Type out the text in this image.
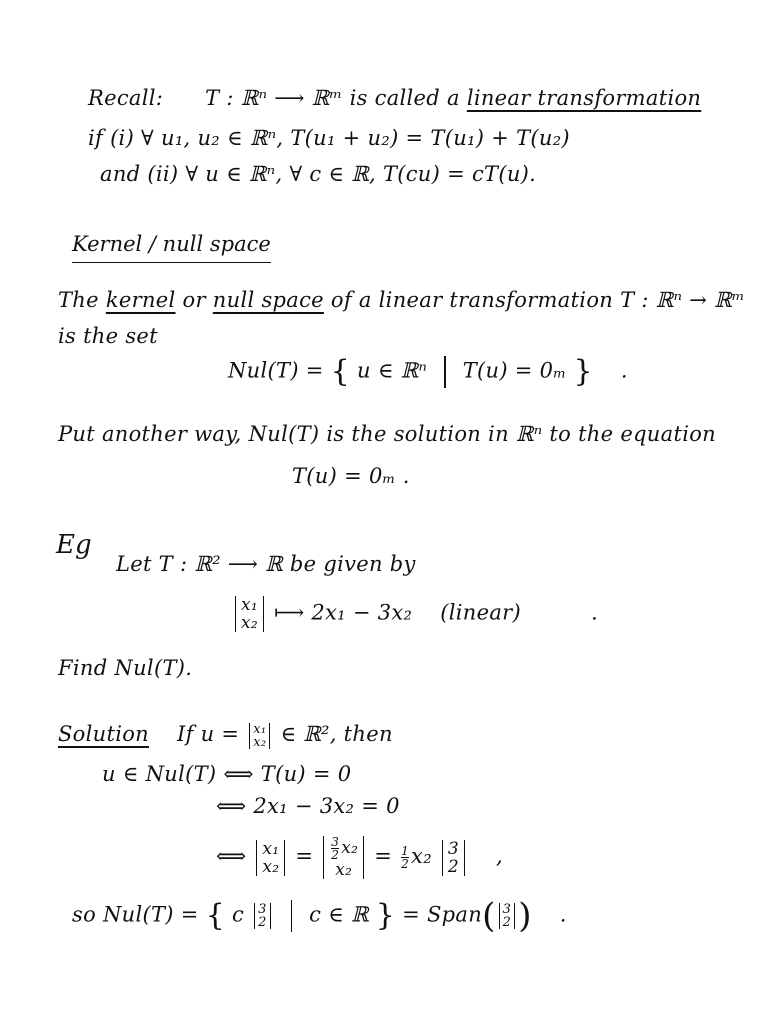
Recall: T : ℝⁿ ⟶ ℝᵐ is called a linear transformation
if (i) ∀ u₁, u₂ ∈ ℝⁿ, T(u₁ + u₂) = T(u₁) + T(u₂)
and (ii) ∀ u ∈ ℝⁿ, ∀ c ∈ ℝ, T(cu) = cT(u).
Kernel / null space
The kernel or null space of a linear transformation T : ℝⁿ → ℝᵐ
is the set
Nul(T) = { u ∈ ℝⁿ T(u) = 0ₘ } .
Put another way, Nul(T) is the solution in ℝⁿ to the equation
T(u) = 0ₘ .
Eg
Let T : ℝ² ⟶ ℝ be given by
x₁
x₂ ⟼ 2x₁ − 3x₂ (linear)	.
Find Nul(T).
Solution If u = x₁
x₂ ∈ ℝ², then
u ∈ Nul(T) ⟺ T(u) = 0
⟺ 2x₁ − 3x₂ = 0
⟺ x₁
$x_2 = \frac{3}{2} x_2$
x₂
= $\frac{1}{2} x_2$ 3
2 ,
so Nul(T) = { c 3
2 c ∈ ℝ } = Span( 3
2 ) .
